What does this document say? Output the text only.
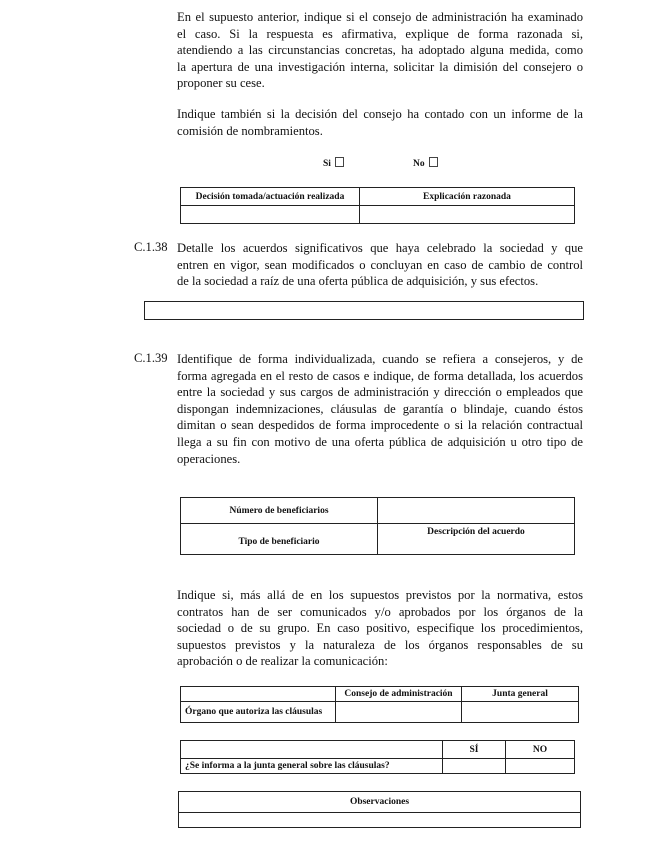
En el supuesto anterior, indique si el consejo de administración ha examinado
el caso. Si la respuesta es afirmativa, explique de forma razonada si,
atendiendo a las circunstancias concretas, ha adoptado alguna medida, como
la apertura de una investigación interna, solicitar la dimisión del consejero o
proponer su cese.
Indique también si la decisión del consejo ha contado con un informe de la
comisión de nombramientos.
Si	No
Decisión tomada/actuación realizada	Explicación razonada

C.1.38 Detalle los acuerdos significativos que haya celebrado la sociedad y que
entren en vigor, sean modificados o concluyan en caso de cambio de control
de la sociedad a raíz de una oferta pública de adquisición, y sus efectos.
C.1.39 Identifique de forma individualizada, cuando se refiera a consejeros, y de
forma agregada en el resto de casos e indique, de forma detallada, los acuerdos
entre la sociedad y sus cargos de administración y dirección o empleados que
dispongan indemnizaciones, cláusulas de garantía o blindaje, cuando éstos
dimitan o sean despedidos de forma improcedente o si la relación contractual
llega a su fin con motivo de una oferta pública de adquisición u otro tipo de
operaciones.
Número de beneficiarios	
Tipo de beneficiario	Descripción del acuerdo
Indique si, más allá de en los supuestos previstos por la normativa, estos
contratos han de ser comunicados y/o aprobados por los órganos de la
sociedad o de su grupo. En caso positivo, especifique los procedimientos,
supuestos previstos y la naturaleza de los órganos responsables de su
aprobación o de realizar la comunicación:
	Consejo de administración	Junta general
Órgano que autoriza las cláusulas		
	SÍ	NO
¿Se informa a la junta general sobre las cláusulas?		
Observaciones
